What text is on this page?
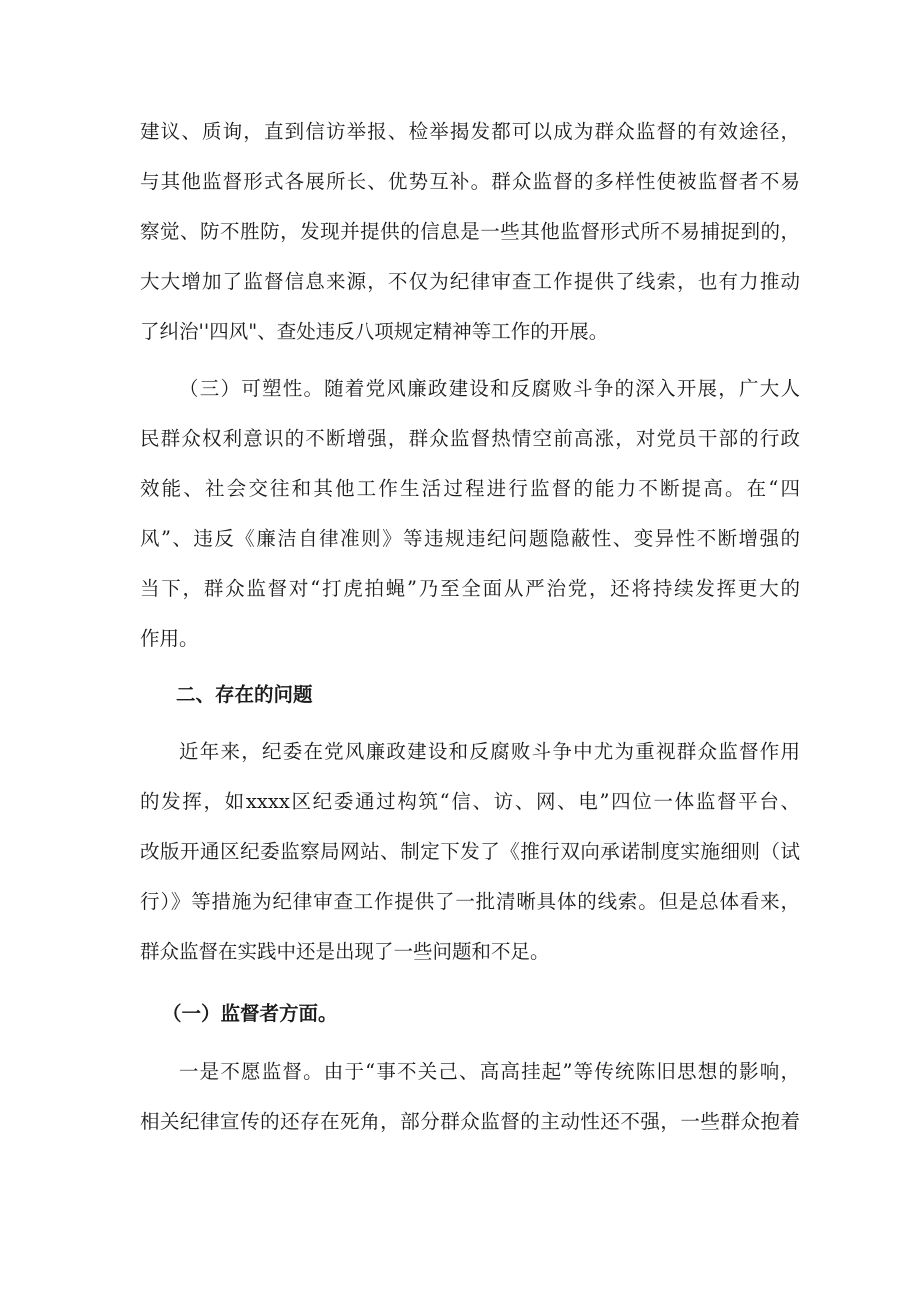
建议、质询，直到信访举报、检举揭发都可以成为群众监督的有效途径，
与其他监督形式各展所长、优势互补。群众监督的多样性使被监督者不易
察觉、防不胜防，发现并提供的信息是一些其他监督形式所不易捕捉到的，
大大增加了监督信息来源，不仅为纪律审查工作提供了线索，也有力推动
了纠治''四风"、查处违反八项规定精神等工作的开展。
（三）可塑性。随着党风廉政建设和反腐败斗争的深入开展，广大人
民群众权利意识的不断增强，群众监督热情空前高涨，对党员干部的行政
效能、社会交往和其他工作生活过程进行监督的能力不断提高。在“四
风”、违反《廉洁自律准则》等违规违纪问题隐蔽性、变异性不断增强的
当下，群众监督对“打虎拍蝇”乃至全面从严治党，还将持续发挥更大的
作用。
二、存在的问题
近年来，纪委在党风廉政建设和反腐败斗争中尤为重视群众监督作用
的发挥，如xxxx区纪委通过构筑“信、访、网、电”四位一体监督平台、
改版开通区纪委监察局网站、制定下发了《推行双向承诺制度实施细则（试
行）》等措施为纪律审查工作提供了一批清晰具体的线索。但是总体看来，
群众监督在实践中还是出现了一些问题和不足。
（一）监督者方面。
一是不愿监督。由于“事不关己、高高挂起”等传统陈旧思想的影响，
相关纪律宣传的还存在死角，部分群众监督的主动性还不强，一些群众抱着
